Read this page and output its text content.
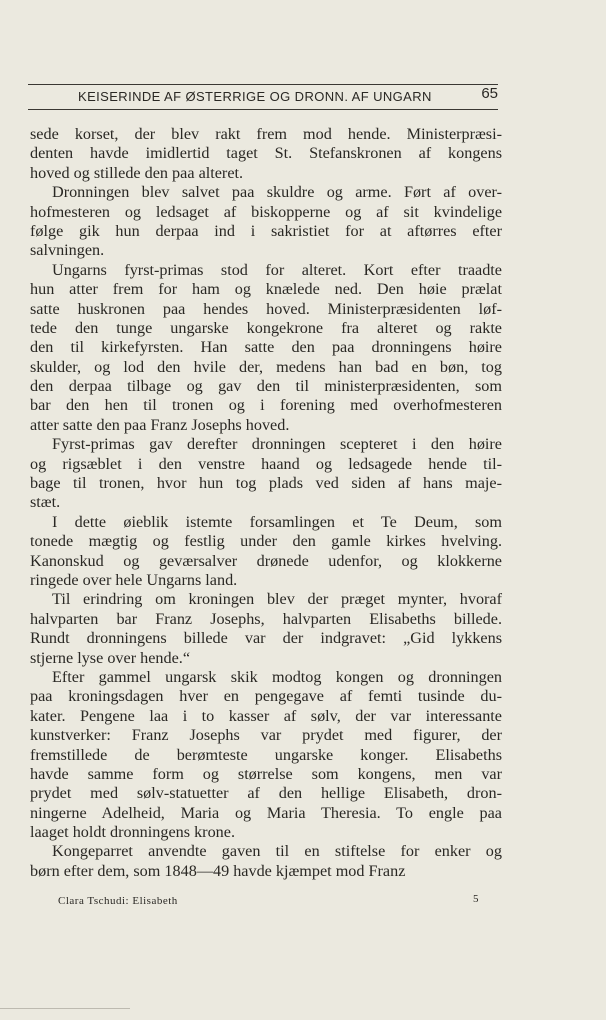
KEISERINDE AF ØSTERRIGE OG DRONN. AF UNGARN	65
sede korset, der blev rakt frem mod hende. Ministerpræsi-
denten havde imidlertid taget St. Stefanskronen af kongens
hoved og stillede den paa alteret.
Dronningen blev salvet paa skuldre og arme. Ført af over-
hofmesteren og ledsaget af biskopperne og af sit kvindelige
følge gik hun derpaa ind i sakristiet for at aftørres efter
salvningen.
Ungarns fyrst-primas stod for alteret. Kort efter traadte
hun atter frem for ham og knælede ned. Den høie prælat
satte huskronen paa hendes hoved. Ministerpræsidenten løf-
tede den tunge ungarske kongekrone fra alteret og rakte
den til kirkefyrsten. Han satte den paa dronningens høire
skulder, og lod den hvile der, medens han bad en bøn, tog
den derpaa tilbage og gav den til ministerpræsidenten, som
bar den hen til tronen og i forening med overhofmesteren
atter satte den paa Franz Josephs hoved.
Fyrst-primas gav derefter dronningen scepteret i den høire
og rigsæblet i den venstre haand og ledsagede hende til-
bage til tronen, hvor hun tog plads ved siden af hans maje-
stæt.
I dette øieblik istemte forsamlingen et Te Deum, som
tonede mægtig og festlig under den gamle kirkes hvelving.
Kanonskud og geværsalver drønede udenfor, og klokkerne
ringede over hele Ungarns land.
Til erindring om kroningen blev der præget mynter, hvoraf
halvparten bar Franz Josephs, halvparten Elisabeths billede.
Rundt dronningens billede var der indgravet: „Gid lykkens
stjerne lyse over hende.“
Efter gammel ungarsk skik modtog kongen og dronningen
paa kroningsdagen hver en pengegave af femti tusinde du-
kater. Pengene laa i to kasser af sølv, der var interessante
kunstverker: Franz Josephs var prydet med figurer, der
fremstillede de berømteste ungarske konger. Elisabeths
havde samme form og størrelse som kongens, men var
prydet med sølv-statuetter af den hellige Elisabeth, dron-
ningerne Adelheid, Maria og Maria Theresia. To engle paa
laaget holdt dronningens krone.
Kongeparret anvendte gaven til en stiftelse for enker og
børn efter dem, som 1848—49 havde kjæmpet mod Franz
Clara Tschudi: Elisabeth	5
